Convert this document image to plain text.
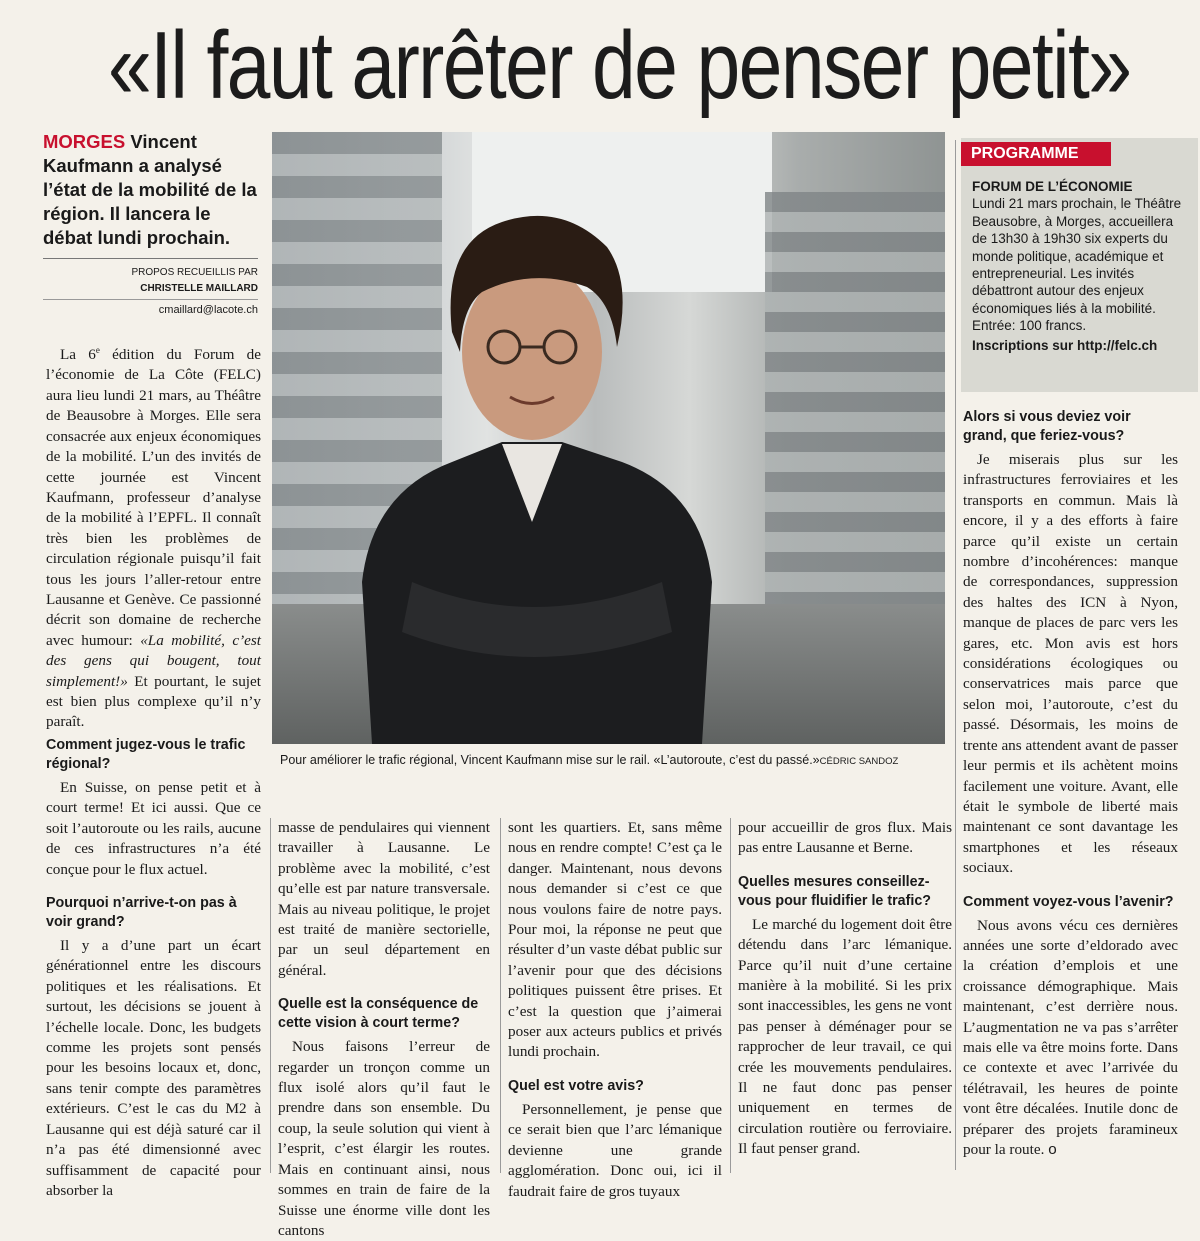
«Il faut arrêter de penser petit»
MORGES Vincent Kaufmann a analysé l’état de la mobilité de la région. Il lancera le débat lundi prochain.
PROPOS RECUEILLIS PAR
CHRISTELLE MAILLARD
cmaillard@lacote.ch
Pour améliorer le trafic régional, Vincent Kaufmann mise sur le rail. «L’autoroute, c’est du passé.»CÉDRIC SANDOZ
PROGRAMME
FORUM DE L’ÉCONOMIE
Lundi 21 mars prochain, le Théâtre Beausobre, à Morges, accueillera de 13h30 à 19h30 six experts du monde politique, académique et entrepreneurial. Les invités débattront autour des enjeux économiques liés à la mobilité. Entrée: 100 francs.
Inscriptions sur http://felc.ch

La 6e édition du Forum de l’économie de La Côte (FELC) aura lieu lundi 21 mars, au Théâtre de Beausobre à Morges. Elle sera consacrée aux enjeux économiques de la mobilité. L’un des invités de cette journée est Vincent Kaufmann, professeur d’analyse de la mobilité à l’EPFL. Il connaît très bien les problèmes de circulation régionale puisqu’il fait tous les jours l’aller-retour entre Lausanne et Genève. Ce passionné décrit son domaine de recherche avec humour: «La mobilité, c’est des gens qui bougent, tout simplement!» Et pourtant, le sujet est bien plus complexe qu’il n’y paraît.

Comment jugez-vous le trafic régional?

En Suisse, on pense petit et à court terme! Et ici aussi. Que ce soit l’autoroute ou les rails, aucune de ces infrastructures n’a été conçue pour le flux actuel.

Pourquoi n’arrive-t-on pas à voir grand?

Il y a d’une part un écart générationnel entre les discours politiques et les réalisations. Et surtout, les décisions se jouent à l’échelle locale. Donc, les budgets comme les projets sont pensés pour les besoins locaux et, donc, sans tenir compte des paramètres extérieurs. C’est le cas du M2 à Lausanne qui est déjà saturé car il n’a pas été dimensionné avec suffisamment de capacité pour absorber la

masse de pendulaires qui viennent travailler à Lausanne. Le problème avec la mobilité, c’est qu’elle est par nature transversale. Mais au niveau politique, le projet est traité de manière sectorielle, par un seul département en général.

Quelle est la conséquence de cette vision à court terme?

Nous faisons l’erreur de regarder un tronçon comme un flux isolé alors qu’il faut le prendre dans son ensemble. Du coup, la seule solution qui vient à l’esprit, c’est élargir les routes. Mais en continuant ainsi, nous sommes en train de faire de la Suisse une énorme ville dont les cantons

sont les quartiers. Et, sans même nous en rendre compte! C’est ça le danger. Maintenant, nous devons nous demander si c’est ce que nous voulons faire de notre pays. Pour moi, la réponse ne peut que résulter d’un vaste débat public sur l’avenir pour que des décisions politiques puissent être prises. Et c’est la question que j’aimerai poser aux acteurs publics et privés lundi prochain.

Quel est votre avis?

Personnellement, je pense que ce serait bien que l’arc lémanique devienne une grande agglomération. Donc oui, ici il faudrait faire de gros tuyaux

pour accueillir de gros flux. Mais pas entre Lausanne et Berne.

Quelles mesures conseillez-vous pour fluidifier le trafic?

Le marché du logement doit être détendu dans l’arc lémanique. Parce qu’il nuit d’une certaine manière à la mobilité. Si les prix sont inaccessibles, les gens ne vont pas penser à déménager pour se rapprocher de leur travail, ce qui crée les mouvements pendulaires. Il ne faut donc pas penser uniquement en termes de circulation routière ou ferroviaire. Il faut penser grand.

Alors si vous deviez voir grand, que feriez-vous?

Je miserais plus sur les infrastructures ferroviaires et les transports en commun. Mais là encore, il y a des efforts à faire parce qu’il existe un certain nombre d’incohérences: manque de correspondances, suppression des haltes des ICN à Nyon, manque de places de parc vers les gares, etc. Mon avis est hors considérations écologiques ou conservatrices mais parce que selon moi, l’autoroute, c’est du passé. Désormais, les moins de trente ans attendent avant de passer leur permis et ils achètent moins facilement une voiture. Avant, elle était le symbole de liberté mais maintenant ce sont davantage les smartphones et les réseaux sociaux.

Comment voyez-vous l’avenir?

Nous avons vécu ces dernières années une sorte d’eldorado avec la création d’emplois et une croissance démographique. Mais maintenant, c’est derrière nous. L’augmentation ne va pas s’arrêter mais elle va être moins forte. Dans ce contexte et avec l’arrivée du télétravail, les heures de pointe vont être décalées. Inutile donc de préparer des projets faramineux pour la route. o
